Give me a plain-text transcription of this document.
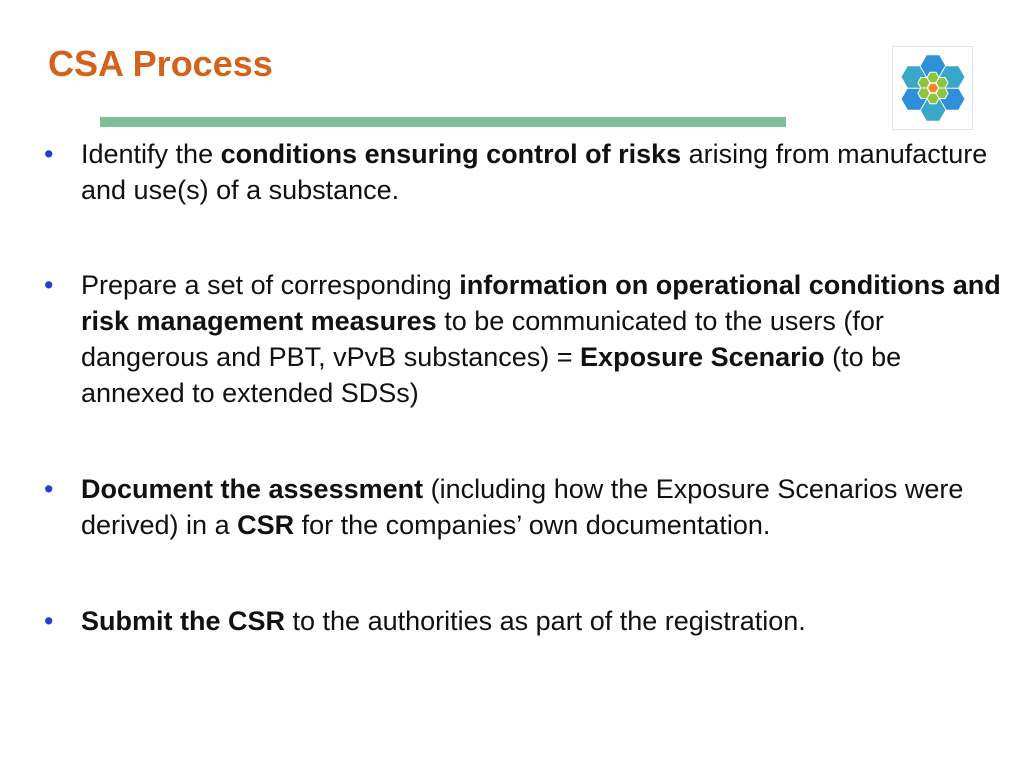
CSA Process
• Identify the conditions ensuring control of risks arising from manufacture and use(s) of a substance.
• Prepare a set of corresponding information on operational conditions and risk management measures to be communicated to the users (for dangerous and PBT, vPvB substances) = Exposure Scenario (to be annexed to extended SDSs)
• Document the assessment (including how the Exposure Scenarios were derived) in a CSR for the companies’ own documentation.
• Submit the CSR to the authorities as part of the registration.
